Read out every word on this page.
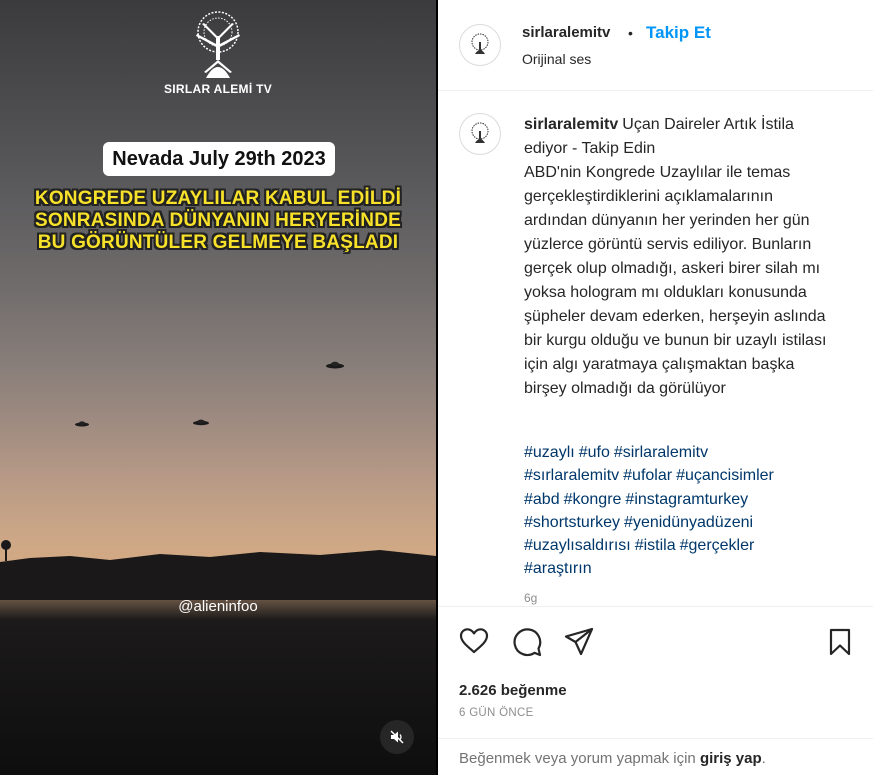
SIRLAR ALEMİ TV
Nevada July 29th 2023
KONGREDE UZAYLILAR KABUL EDİLDİ
SONRASINDA DÜNYANIN HERYERİNDE
BU GÖRÜNTÜLER GELMEYE BAŞLADI
@alieninfoo
sirlaralemitv • Takip Et
Orijinal ses
sirlaralemitv Uçan Daireler Artık İstila ediyor - Takip Edin
ABD'nin Kongrede Uzaylılar ile temas gerçekleştirdiklerini açıklamalarının ardından dünyanın her yerinden her gün yüzlerce görüntü servis ediliyor. Bunların gerçek olup olmadığı, askeri birer silah mı yoksa hologram mı oldukları konusunda şüpheler devam ederken, herşeyin aslında bir kurgu olduğu ve bunun bir uzaylı istilası için algı yaratmaya çalışmaktan başka birşey olmadığı da görülüyor
#uzaylı #ufo #sirlaralemitv
#sırlaralemitv #ufolar #uçancisimler
#abd #kongre #instagramturkey
#shortsturkey #yenidünyadüzeni
#uzaylısaldırısı #istila #gerçekler
#araştırın
6g
2.626 beğenme
6 GÜN ÖNCE
Beğenmek veya yorum yapmak için giriş yap.
